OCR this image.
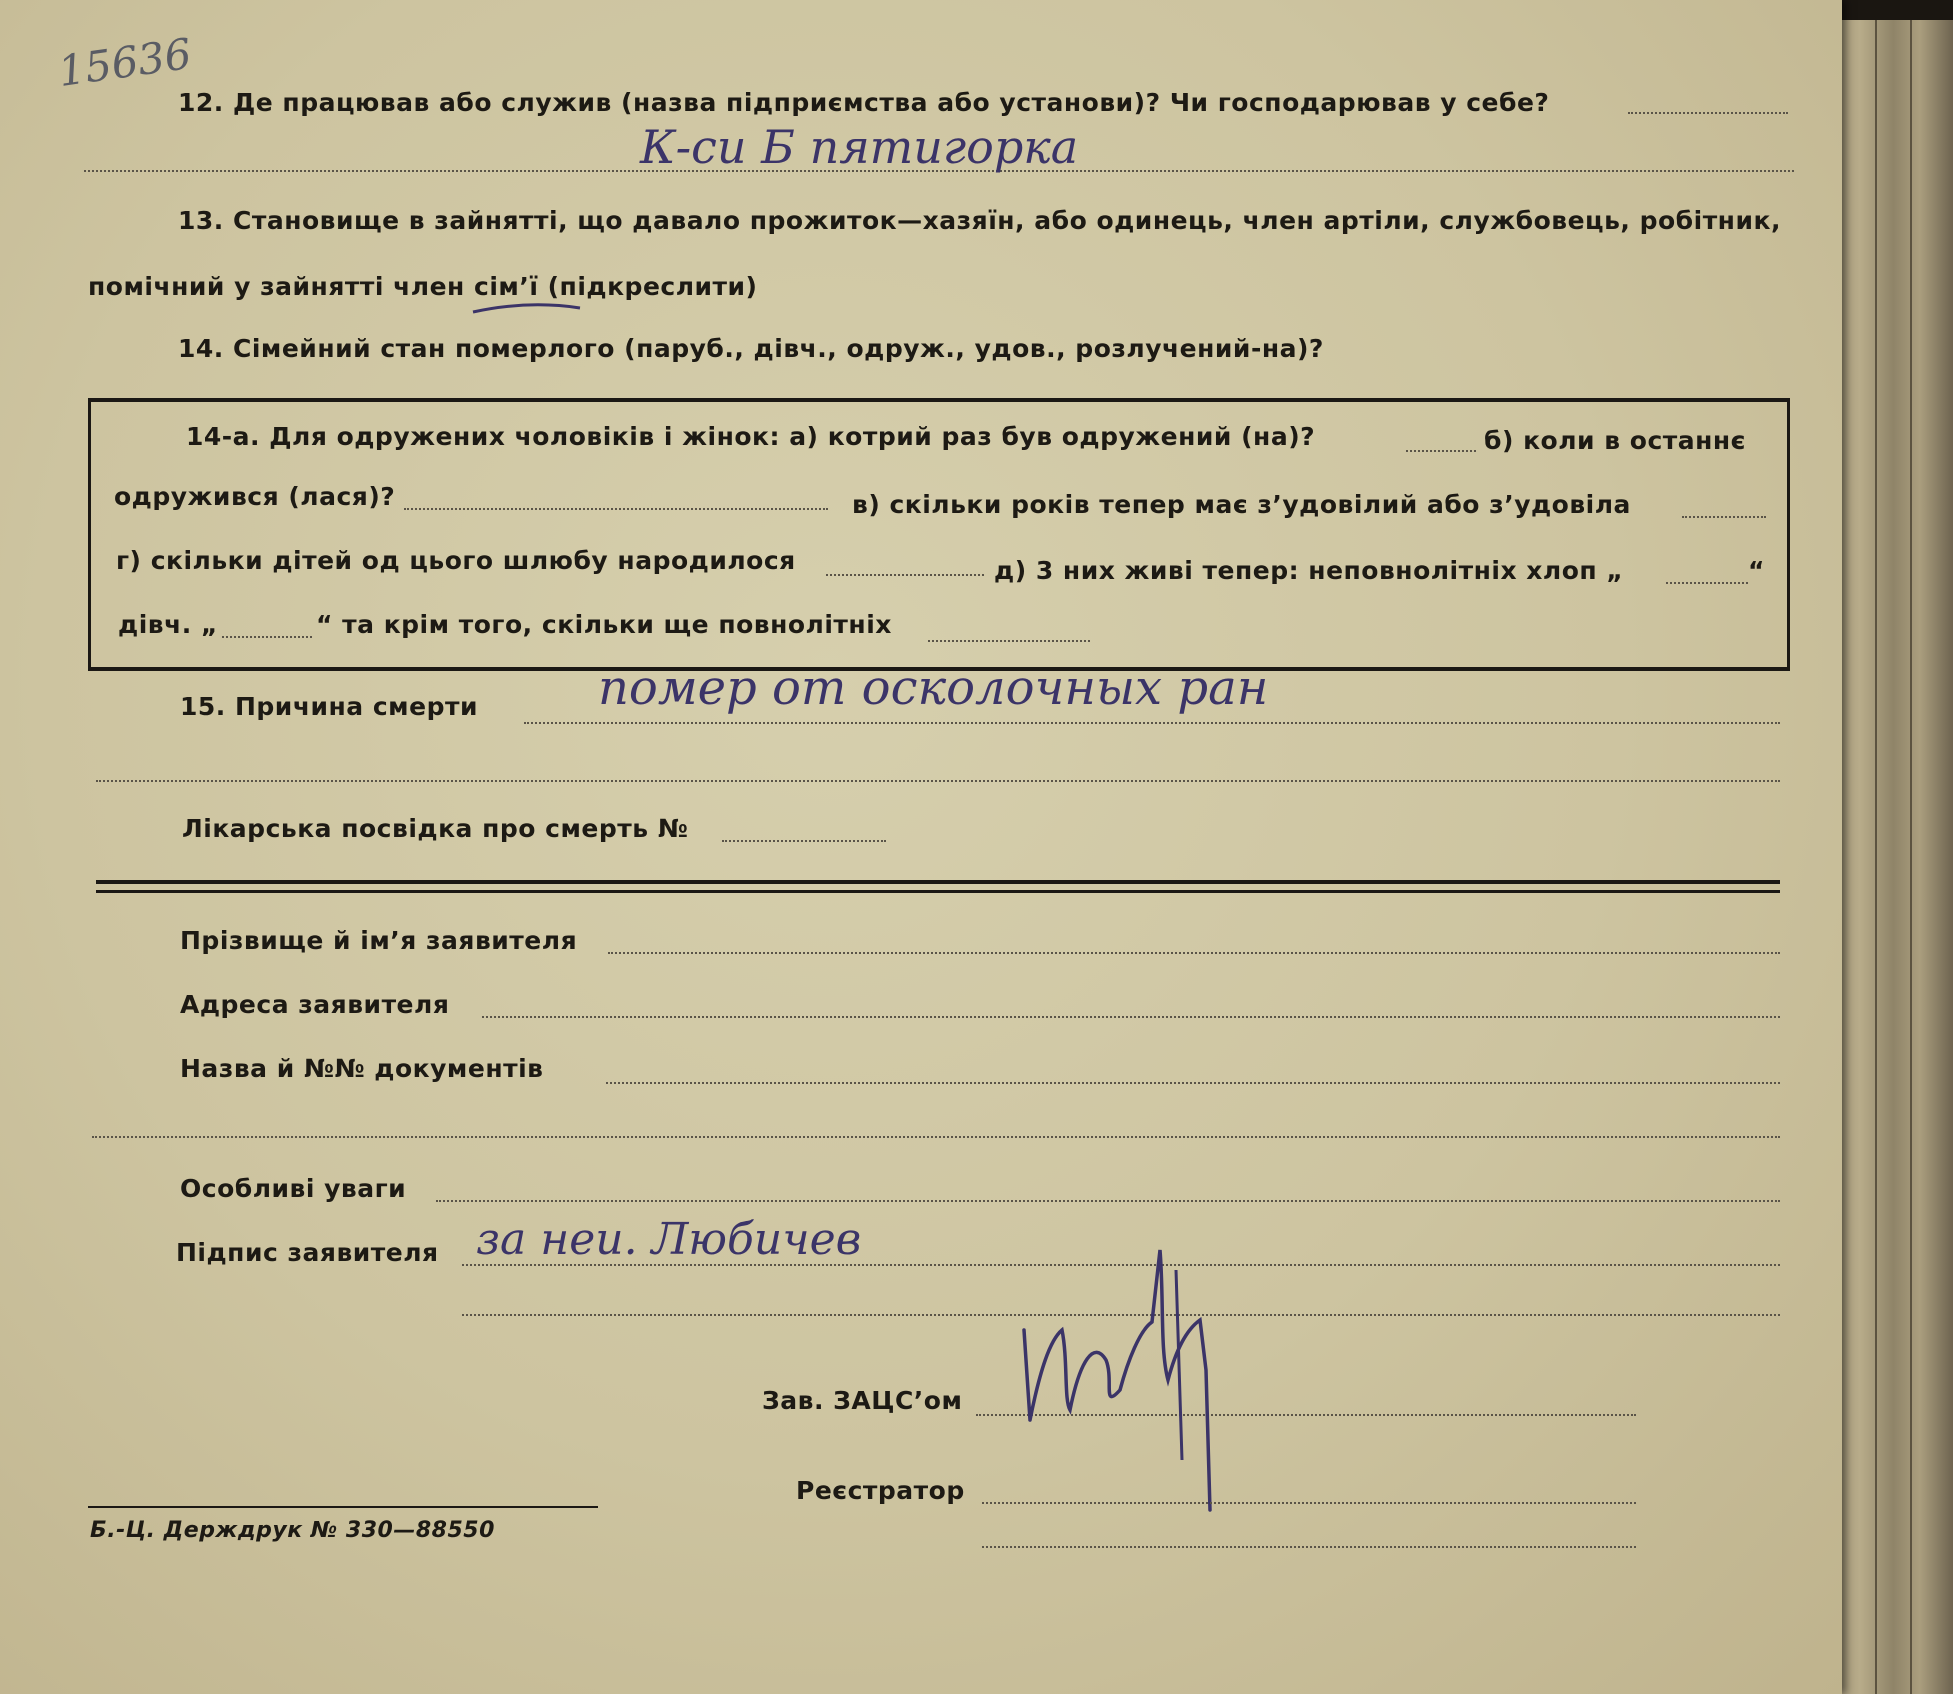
15636
12. Де працював або служив (назва підприємства або установи)? Чи господарював у себе?
К-си Б пятигорка
13. Становище в зайнятті, що давало прожиток—хазяїн, або одинець, член артіли, службовець, робітник,
помічний у зайнятті член сім’ї (підкреслити)
14. Сімейний стан померлого (паруб., дівч., одруж., удов., розлучений-на)?
14-а. Для одружених чоловіків і жінок: а) котрий раз був одружений (на)?	б) коли в останнє
одружився (лася)?	в) скільки років тепер має з’удовілий або з’удовіла
г) скільки дітей од цього шлюбу народилося	д) 3 них живі тепер: неповнолітніх хлоп „	“
дівч. „	“ та крім того, скільки ще повнолітніх
15. Причина смерти	помер от осколочных ран
Лікарська посвідка про смерть №
Прізвище й ім’я заявителя
Адреса заявителя
Назва й №№ документів
Особливі уваги
Підпис заявителя за неи. Любичев
Зав. ЗАЦС’ом
Реєстратор
Б.-Ц. Держдрук № 330—88550
